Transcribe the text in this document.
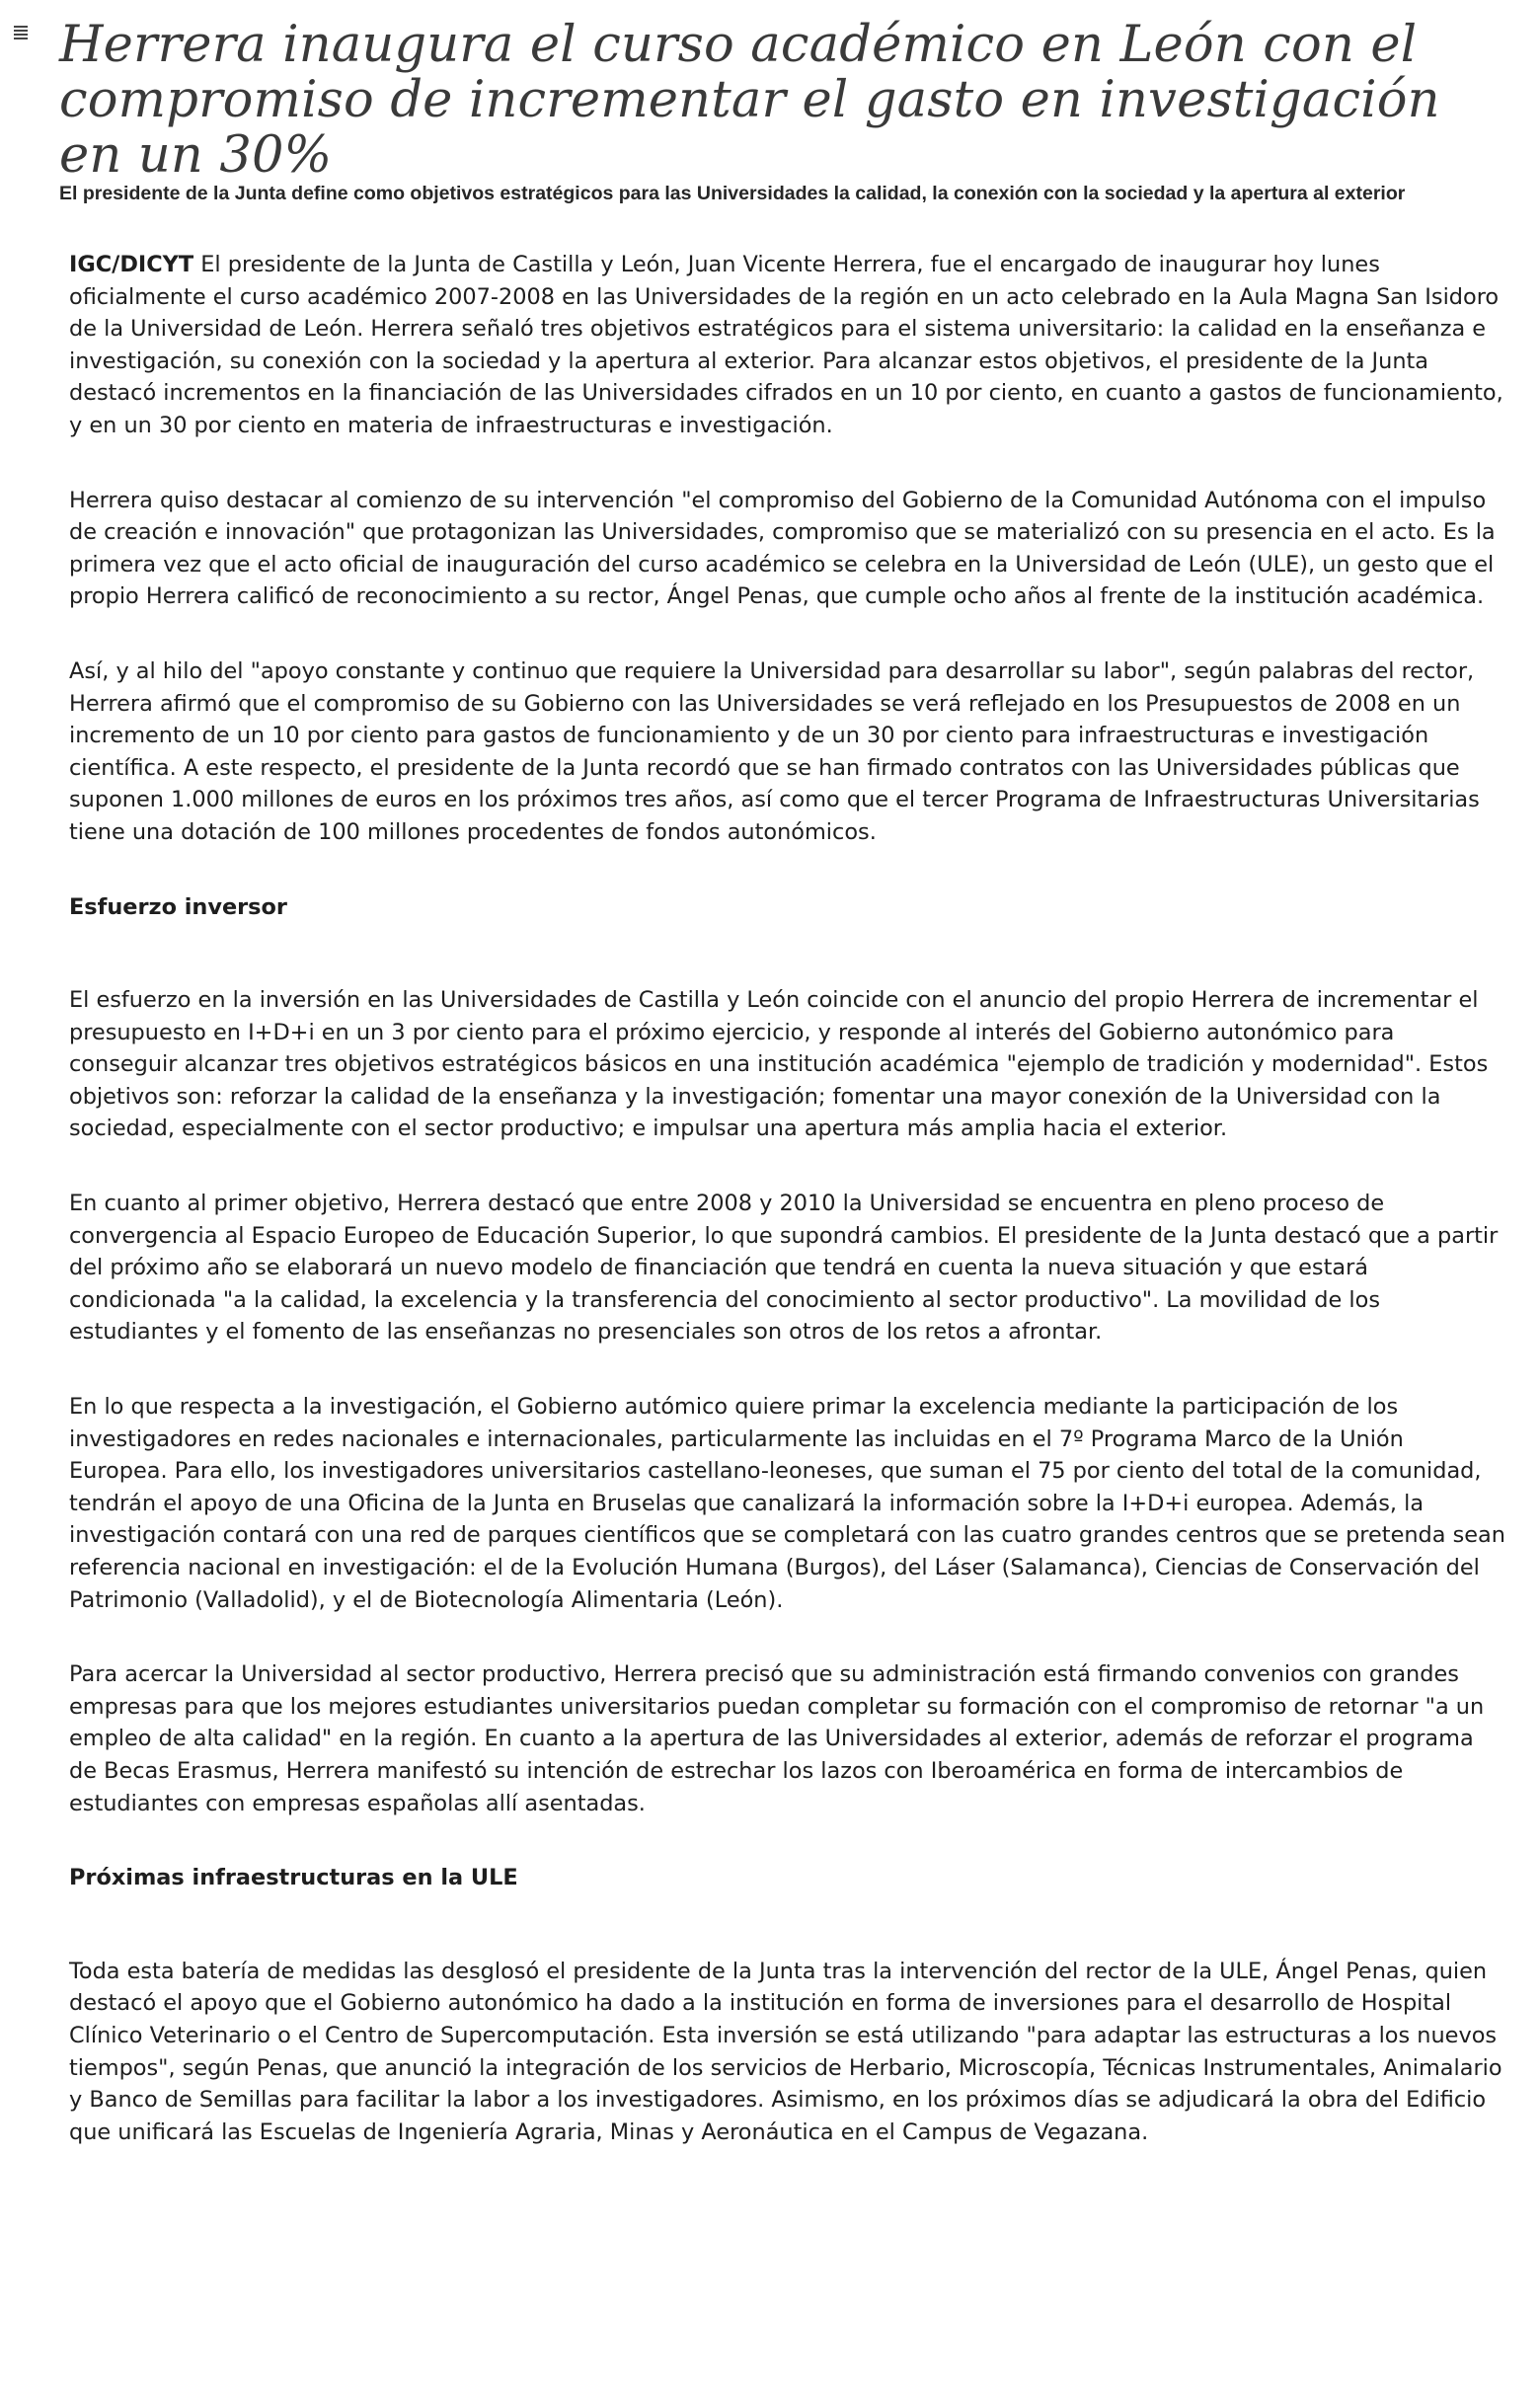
Herrera inaugura el curso académico en León con el compromiso de incrementar el gasto en investigación en un 30%
El presidente de la Junta define como objetivos estratégicos para las Universidades la calidad, la conexión con la sociedad y la apertura al exterior

IGC/DICYT El presidente de la Junta de Castilla y León, Juan Vicente Herrera, fue el encargado de inaugurar hoy lunes oficialmente el curso académico 2007-2008 en las Universidades de la región en un acto celebrado en la Aula Magna San Isidoro de la Universidad de León. Herrera señaló tres objetivos estratégicos para el sistema universitario: la calidad en la enseñanza e investigación, su conexión con la sociedad y la apertura al exterior. Para alcanzar estos objetivos, el presidente de la Junta destacó incrementos en la financiación de las Universidades cifrados en un 10 por ciento, en cuanto a gastos de funcionamiento, y en un 30 por ciento en materia de infraestructuras e investigación.

Herrera quiso destacar al comienzo de su intervención "el compromiso del Gobierno de la Comunidad Autónoma con el impulso de creación e innovación" que protagonizan las Universidades, compromiso que se materializó con su presencia en el acto. Es la primera vez que el acto oficial de inauguración del curso académico se celebra en la Universidad de León (ULE), un gesto que el propio Herrera calificó de reconocimiento a su rector, Ángel Penas, que cumple ocho años al frente de la institución académica.

Así, y al hilo del "apoyo constante y continuo que requiere la Universidad para desarrollar su labor", según palabras del rector, Herrera afirmó que el compromiso de su Gobierno con las Universidades se verá reflejado en los Presupuestos de 2008 en un incremento de un 10 por ciento para gastos de funcionamiento y de un 30 por ciento para infraestructuras e investigación científica. A este respecto, el presidente de la Junta recordó que se han firmado contratos con las Universidades públicas que suponen 1.000 millones de euros en los próximos tres años, así como que el tercer Programa de Infraestructuras Universitarias tiene una dotación de 100 millones procedentes de fondos autonómicos.

Esfuerzo inversor

El esfuerzo en la inversión en las Universidades de Castilla y León coincide con el anuncio del propio Herrera de incrementar el presupuesto en I+D+i en un 3 por ciento para el próximo ejercicio, y responde al interés del Gobierno autonómico para conseguir alcanzar tres objetivos estratégicos básicos en una institución académica "ejemplo de tradición y modernidad". Estos objetivos son: reforzar la calidad de la enseñanza y la investigación; fomentar una mayor conexión de la Universidad con la sociedad, especialmente con el sector productivo; e impulsar una apertura más amplia hacia el exterior.

En cuanto al primer objetivo, Herrera destacó que entre 2008 y 2010 la Universidad se encuentra en pleno proceso de convergencia al Espacio Europeo de Educación Superior, lo que supondrá cambios. El presidente de la Junta destacó que a partir del próximo año se elaborará un nuevo modelo de financiación que tendrá en cuenta la nueva situación y que estará condicionada "a la calidad, la excelencia y la transferencia del conocimiento al sector productivo". La movilidad de los estudiantes y el fomento de las enseñanzas no presenciales son otros de los retos a afrontar.

En lo que respecta a la investigación, el Gobierno autómico quiere primar la excelencia mediante la participación de los investigadores en redes nacionales e internacionales, particularmente las incluidas en el 7º Programa Marco de la Unión Europea. Para ello, los investigadores universitarios castellano-leoneses, que suman el 75 por ciento del total de la comunidad, tendrán el apoyo de una Oficina de la Junta en Bruselas que canalizará la información sobre la I+D+i europea. Además, la investigación contará con una red de parques científicos que se completará con las cuatro grandes centros que se pretenda sean referencia nacional en investigación: el de la Evolución Humana (Burgos), del Láser (Salamanca), Ciencias de Conservación del Patrimonio (Valladolid), y el de Biotecnología Alimentaria (León).

Para acercar la Universidad al sector productivo, Herrera precisó que su administración está firmando convenios con grandes empresas para que los mejores estudiantes universitarios puedan completar su formación con el compromiso de retornar "a un empleo de alta calidad" en la región. En cuanto a la apertura de las Universidades al exterior, además de reforzar el programa de Becas Erasmus, Herrera manifestó su intención de estrechar los lazos con Iberoamérica en forma de intercambios de estudiantes con empresas españolas allí asentadas.

Próximas infraestructuras en la ULE

Toda esta batería de medidas las desglosó el presidente de la Junta tras la intervención del rector de la ULE, Ángel Penas, quien destacó el apoyo que el Gobierno autonómico ha dado a la institución en forma de inversiones para el desarrollo de Hospital Clínico Veterinario o el Centro de Supercomputación. Esta inversión se está utilizando "para adaptar las estructuras a los nuevos tiempos", según Penas, que anunció la integración de los servicios de Herbario, Microscopía, Técnicas Instrumentales, Animalario y Banco de Semillas para facilitar la labor a los investigadores. Asimismo, en los próximos días se adjudicará la obra del Edificio que unificará las Escuelas de Ingeniería Agraria, Minas y Aeronáutica en el Campus de Vegazana.
